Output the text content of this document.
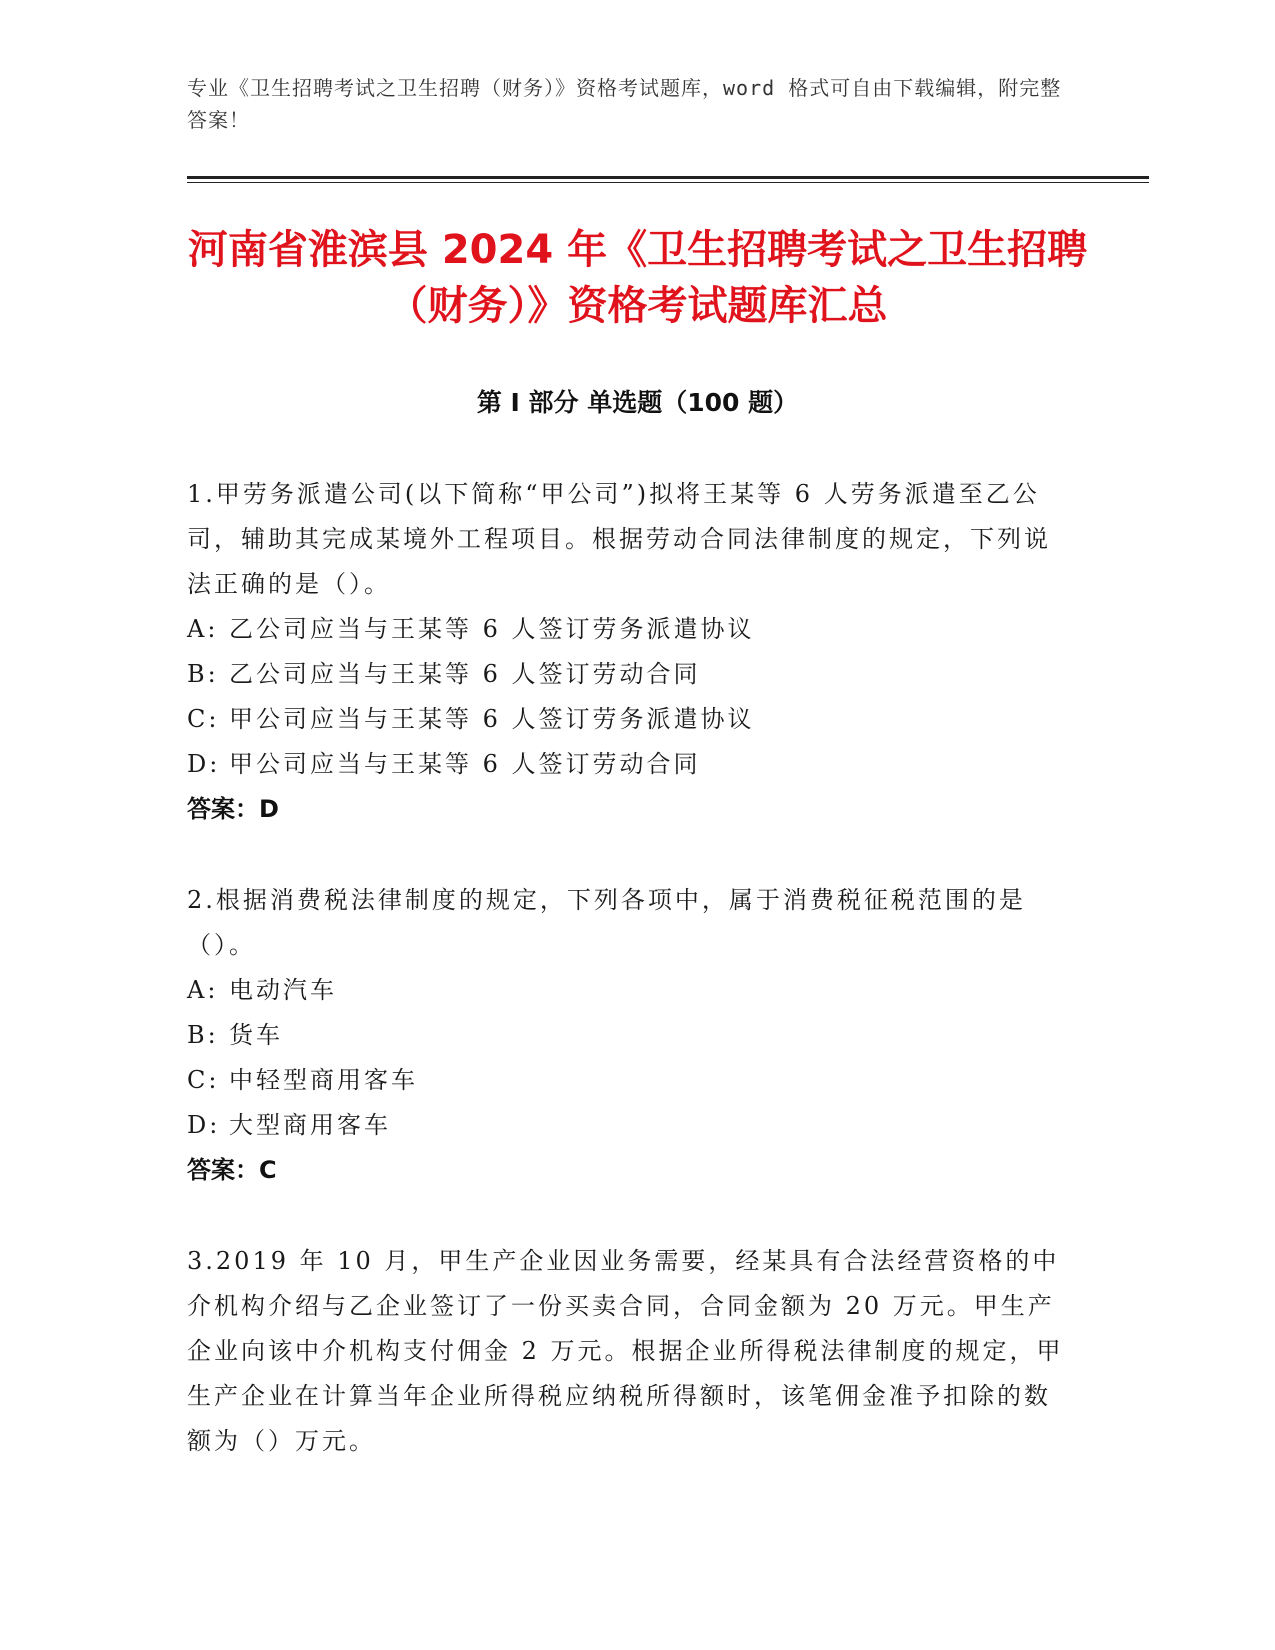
专业《卫生招聘考试之卫生招聘（财务）》资格考试题库，word 格式可自由下载编辑，附完整答案！
河南省淮滨县 2024 年《卫生招聘考试之卫生招聘（财务）》资格考试题库汇总
第 I 部分 单选题（100 题）

1.甲劳务派遣公司(以下简称“甲公司”)拟将王某等 6 人劳务派遣至乙公司，辅助其完成某境外工程项目。根据劳动合同法律制度的规定，下列说法正确的是（）。

A: 乙公司应当与王某等 6 人签订劳务派遣协议
B: 乙公司应当与王某等 6 人签订劳动合同
C: 甲公司应当与王某等 6 人签订劳务派遣协议
D: 甲公司应当与王某等 6 人签订劳动合同

答案：D

2.根据消费税法律制度的规定，下列各项中，属于消费税征税范围的是（）。

A: 电动汽车
B: 货车
C: 中轻型商用客车
D: 大型商用客车

答案：C

3.2019 年 10 月，甲生产企业因业务需要，经某具有合法经营资格的中介机构介绍与乙企业签订了一份买卖合同，合同金额为 20 万元。甲生产企业向该中介机构支付佣金 2 万元。根据企业所得税法律制度的规定，甲生产企业在计算当年企业所得税应纳税所得额时，该笔佣金准予扣除的数额为（）万元。
